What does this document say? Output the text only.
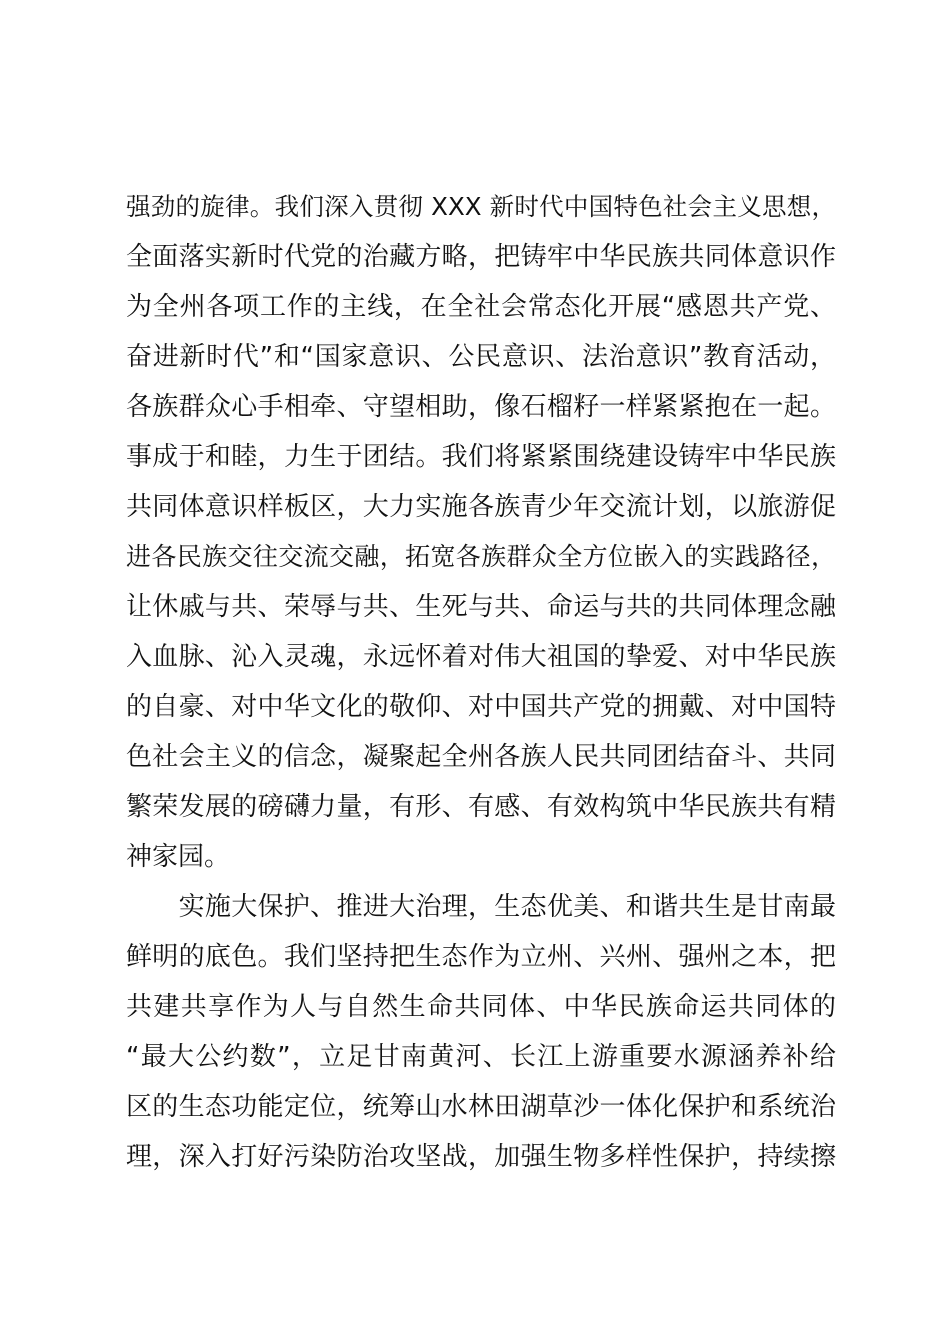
强劲的旋律。我们深入贯彻 XXX 新时代中国特色社会主义思想，
全面落实新时代党的治藏方略，把铸牢中华民族共同体意识作
为全州各项工作的主线，在全社会常态化开展“感恩共产党、
奋进新时代”和“国家意识、公民意识、法治意识”教育活动，
各族群众心手相牵、守望相助，像石榴籽一样紧紧抱在一起。
事成于和睦，力生于团结。我们将紧紧围绕建设铸牢中华民族
共同体意识样板区，大力实施各族青少年交流计划，以旅游促
进各民族交往交流交融，拓宽各族群众全方位嵌入的实践路径，
让休戚与共、荣辱与共、生死与共、命运与共的共同体理念融
入血脉、沁入灵魂，永远怀着对伟大祖国的挚爱、对中华民族
的自豪、对中华文化的敬仰、对中国共产党的拥戴、对中国特
色社会主义的信念，凝聚起全州各族人民共同团结奋斗、共同
繁荣发展的磅礴力量，有形、有感、有效构筑中华民族共有精
神家园。
　　实施大保护、推进大治理，生态优美、和谐共生是甘南最
鲜明的底色。我们坚持把生态作为立州、兴州、强州之本，把
共建共享作为人与自然生命共同体、中华民族命运共同体的
“最大公约数”，立足甘南黄河、长江上游重要水源涵养补给
区的生态功能定位，统筹山水林田湖草沙一体化保护和系统治
理，深入打好污染防治攻坚战，加强生物多样性保护，持续擦
